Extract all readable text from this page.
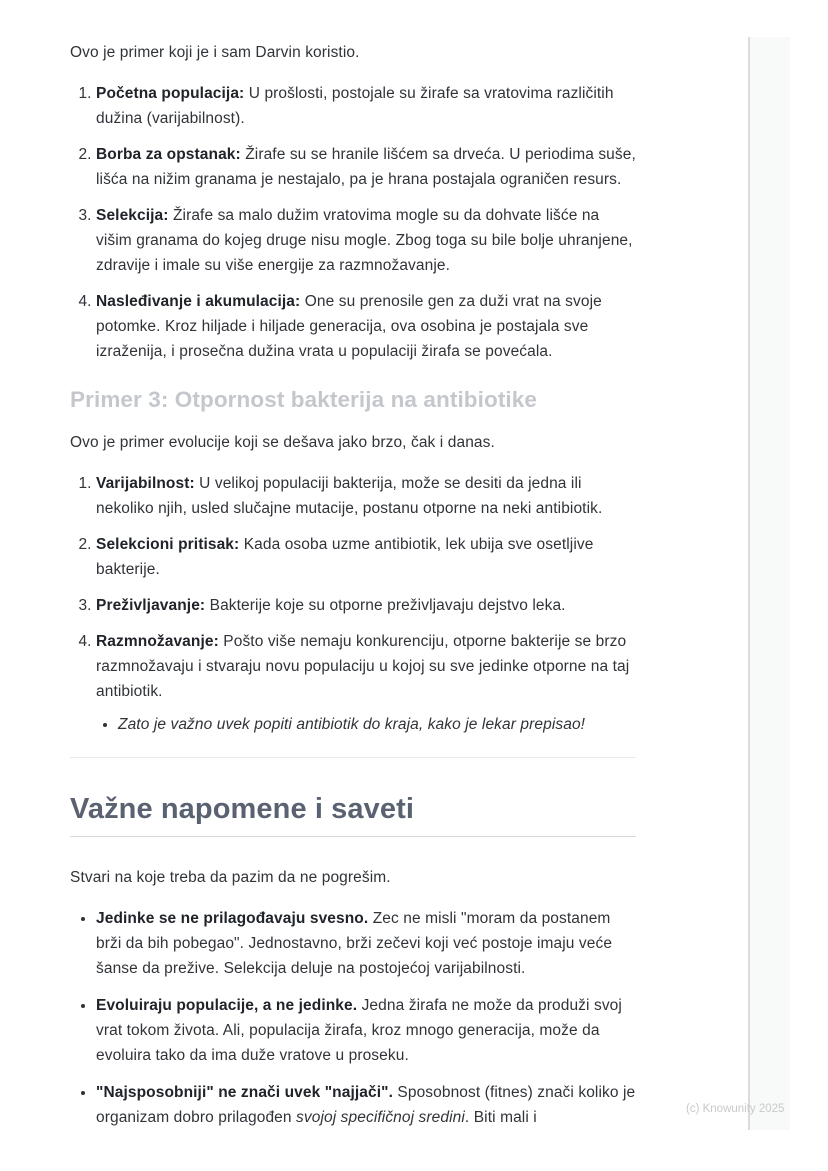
Ovo je primer koji je i sam Darvin koristio.

1. Početna populacija: U prošlosti, postojale su žirafe sa vratovima različitih dužina (varijabilnost).
2. Borba za opstanak: Žirafe su se hranile lišćem sa drveća. U periodima suše, lišća na nižim granama je nestajalo, pa je hrana postajala ograničen resurs.
3. Selekcija: Žirafe sa malo dužim vratovima mogle su da dohvate lišće na višim granama do kojeg druge nisu mogle. Zbog toga su bile bolje uhranjene, zdravije i imale su više energije za razmnožavanje.
4. Nasleđivanje i akumulacija: One su prenosile gen za duži vrat na svoje potomke. Kroz hiljade i hiljade generacija, ova osobina je postajala sve izraženija, i prosečna dužina vrata u populaciji žirafa se povećala.
Primer 3: Otpornost bakterija na antibiotike

Ovo je primer evolucije koji se dešava jako brzo, čak i danas.

1. Varijabilnost: U velikoj populaciji bakterija, može se desiti da jedna ili nekoliko njih, usled slučajne mutacije, postanu otporne na neki antibiotik.
2. Selekcioni pritisak: Kada osoba uzme antibiotik, lek ubija sve osetljive bakterije.
3. Preživljavanje: Bakterije koje su otporne preživljavaju dejstvo leka.
4. Razmnožavanje: Pošto više nemaju konkurenciju, otporne bakterije se brzo razmnožavaju i stvaraju novu populaciju u kojoj su sve jedinke otporne na taj antibiotik.
• Zato je važno uvek popiti antibiotik do kraja, kako je lekar prepisao!
Važne napomene i saveti

Stvari na koje treba da pazim da ne pogrešim.

• Jedinke se ne prilagođavaju svesno. Zec ne misli "moram da postanem brži da bih pobegao". Jednostavno, brži zečevi koji već postoje imaju veće šanse da prežive. Selekcija deluje na postojećoj varijabilnosti.
• Evoluiraju populacije, a ne jedinke. Jedna žirafa ne može da produži svoj vrat tokom života. Ali, populacija žirafa, kroz mnogo generacija, može da evoluira tako da ima duže vratove u proseku.
• "Najsposobniji" ne znači uvek "najjači". Sposobnost (fitnes) znači koliko je organizam dobro prilagođen svojoj specifičnoj sredini. Biti mali i	(c) Knowunity 2025
